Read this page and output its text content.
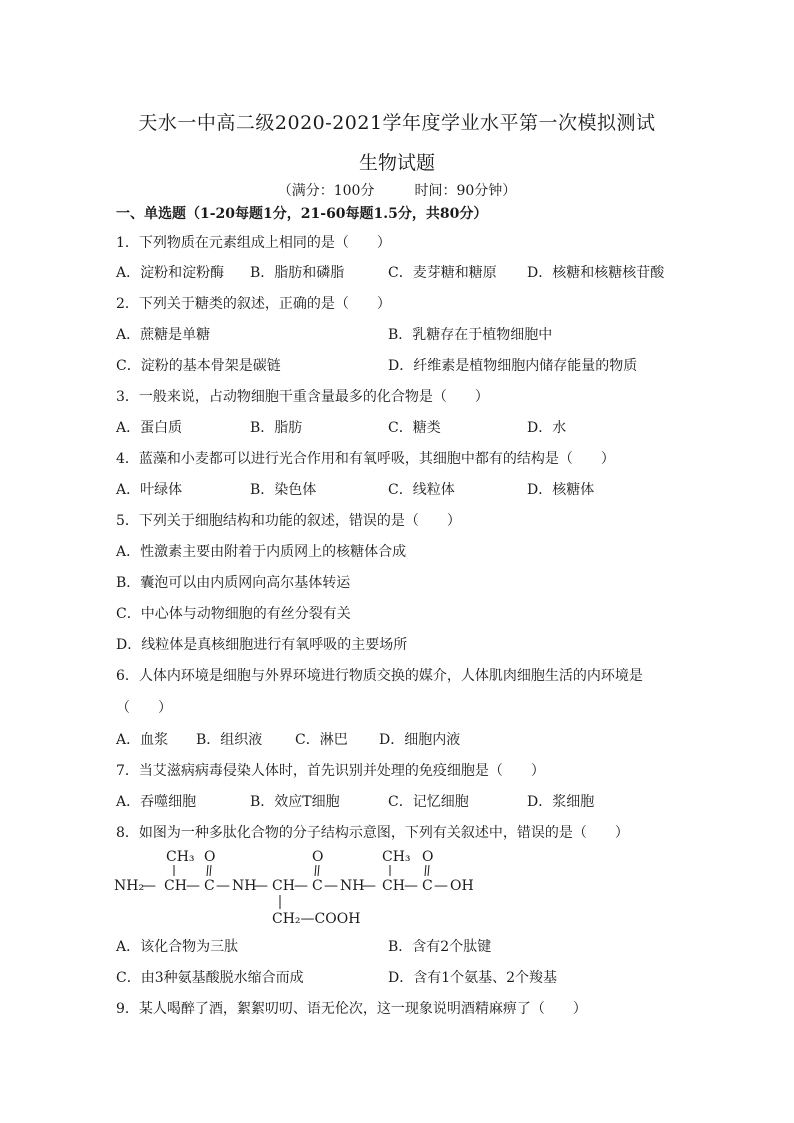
天水一中高二级2020-2021学年度学业水平第一次模拟测试
生物试题
（满分：100分	时间：90分钟）
一、单选题（1-20每题1分，21-60每题1.5分，共80分）
1．下列物质在元素组成上相同的是（　　）
A．淀粉和淀粉酶 B．脂肪和磷脂	C．麦芽糖和糖原 D．核糖和核糖核苷酸
2．下列关于糖类的叙述，正确的是（　　）
A．蔗糖是单糖	B．乳糖存在于植物细胞中
C．淀粉的基本骨架是碳链	D．纤维素是植物细胞内储存能量的物质
3．一般来说，占动物细胞干重含量最多的化合物是（　　）
A．蛋白质	B．脂肪	C．糖类	D．水
4．蓝藻和小麦都可以进行光合作用和有氧呼吸，其细胞中都有的结构是（　　）
A．叶绿体	B．染色体	C．线粒体	D．核糖体
5．下列关于细胞结构和功能的叙述，错误的是（　　）
A．性激素主要由附着于内质网上的核糖体合成
B．囊泡可以由内质网向高尔基体转运
C．中心体与动物细胞的有丝分裂有关
D．线粒体是真核细胞进行有氧呼吸的主要场所
6．人体内环境是细胞与外界环境进行物质交换的媒介，人体肌肉细胞生活的内环境是
（　　）
A．血浆 B．组织液 C．淋巴 D．细胞内液
7．当艾滋病病毒侵染人体时，首先识别并处理的免疫细胞是（　　）
A．吞噬细胞	B．效应T细胞	C．记忆细胞	D．浆细胞
8．如图为一种多肽化合物的分子结构示意图，下列有关叙述中，错误的是（　　）
CH₃ O	O	CH₃ O
NH₂
— CH — C — NH
— CH — C — NH
— CH — C — OH
CH₂—COOH
A．该化合物为三肽	B．含有2个肽键
C．由3种氨基酸脱水缩合而成	D．含有1个氨基、2个羧基
9．某人喝醉了酒，絮絮叨叨、语无伦次，这一现象说明酒精麻痹了（　　）
